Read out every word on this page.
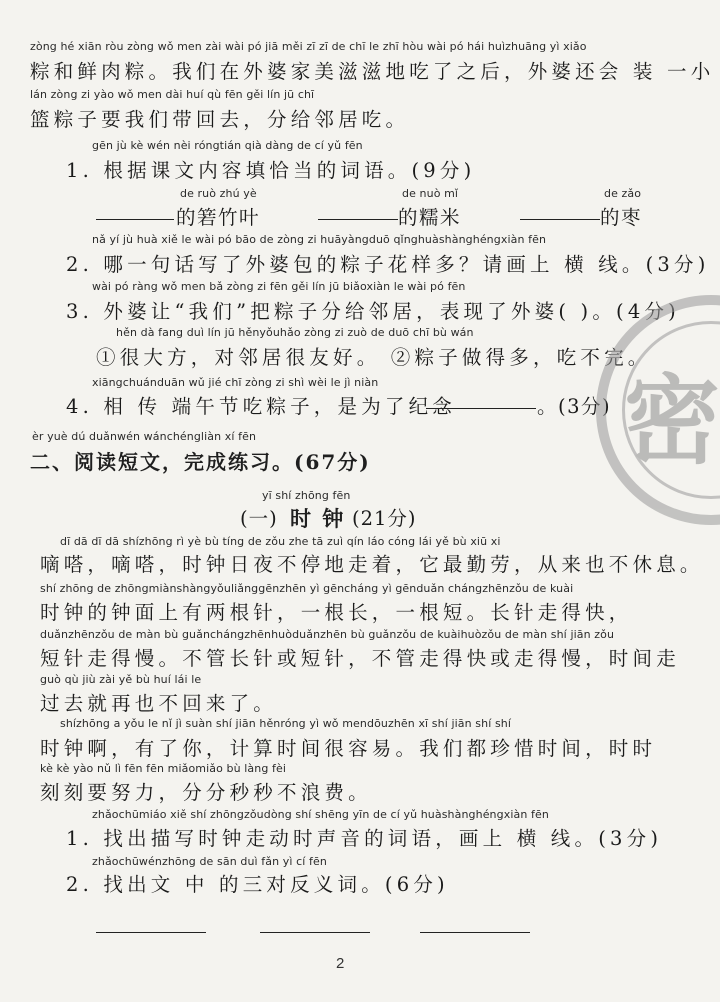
zòng hé xiān ròu zòng wǒ men zài wài pó jiā měi zī zī de chī le zhī hòu wài pó hái huìzhuāng yì xiǎo
粽和鲜肉粽。我们在外婆家美滋滋地吃了之后，外婆还会 装 一小
lán zòng zi yào wǒ men dài huí qù fēn gěi lín jū chī
篮粽子要我们带回去，分给邻居吃。
gēn jù kè wén nèi róngtián qià dàng de cí yǔ fēn
1. 根据课文内容填恰当的词语。(9分)
de ruò zhú yè
的箬竹叶
de nuò mǐ
的糯米
de zǎo
的枣
nǎ yí jù huà xiě le wài pó bāo de zòng zi huāyàngduō qǐnghuàshànghéngxiàn fēn
2. 哪一句话写了外婆包的粽子花样多？请画上 横 线。(3分)
wài pó ràng wǒ men bǎ zòng zi fēn gěi lín jū biǎoxiàn le wài pó fēn
3. 外婆让“我们”把粽子分给邻居，表现了外婆( )。(4分)
hěn dà fang duì lín jū hěnyǒuhǎo zòng zi zuò de duō chī bù wán
①很大方，对邻居很友好。 ②粽子做得多，吃不完。
xiāngchuánduān wǔ jié chī zòng zi shì wèi le jì niàn
4. 相 传 端午节吃粽子，是为了纪念	。(3分)
èr yuè dú duǎnwén wánchéngliàn xí fēn
二、阅读短文，完成练习。(67分)
yī shí zhōng fēn
(一) 时 钟 (21分)
dī dā dī dā shízhōng rì yè bù tíng de zǒu zhe tā zuì qín láo cóng lái yě bù xiū xi
嘀嗒，嘀嗒，时钟日夜不停地走着，它最勤劳，从来也不休息。
shí zhōng de zhōngmiànshàngyǒuliǎnggēnzhēn yì gēncháng yì gēnduǎn chángzhēnzǒu de kuài
时钟的钟面上有两根针，一根长，一根短。长针走得快，
duǎnzhēnzǒu de màn bù guǎnchángzhēnhuòduǎnzhēn bù guǎnzǒu de kuàihuòzǒu de màn shí jiān zǒu
短针走得慢。不管长针或短针，不管走得快或走得慢，时间走
guò qù jiù zài yě bù huí lái le
过去就再也不回来了。
shízhōng a yǒu le nǐ jì suàn shí jiān hěnróng yì wǒ mendōuzhēn xī shí jiān shí shí
时钟啊，有了你，计算时间很容易。我们都珍惜时间，时时
kè kè yào nǔ lì fēn fēn miǎomiǎo bù làng fèi
刻刻要努力，分分秒秒不浪费。
zhǎochūmiáo xiě shí zhōngzǒudòng shí shēng yīn de cí yǔ huàshànghéngxiàn fēn
1. 找出描写时钟走动时声音的词语，画上 横 线。(3分)
zhǎochūwénzhōng de sān duì fǎn yì cí fēn
2. 找出文 中 的三对反义词。(6分)
密
2
